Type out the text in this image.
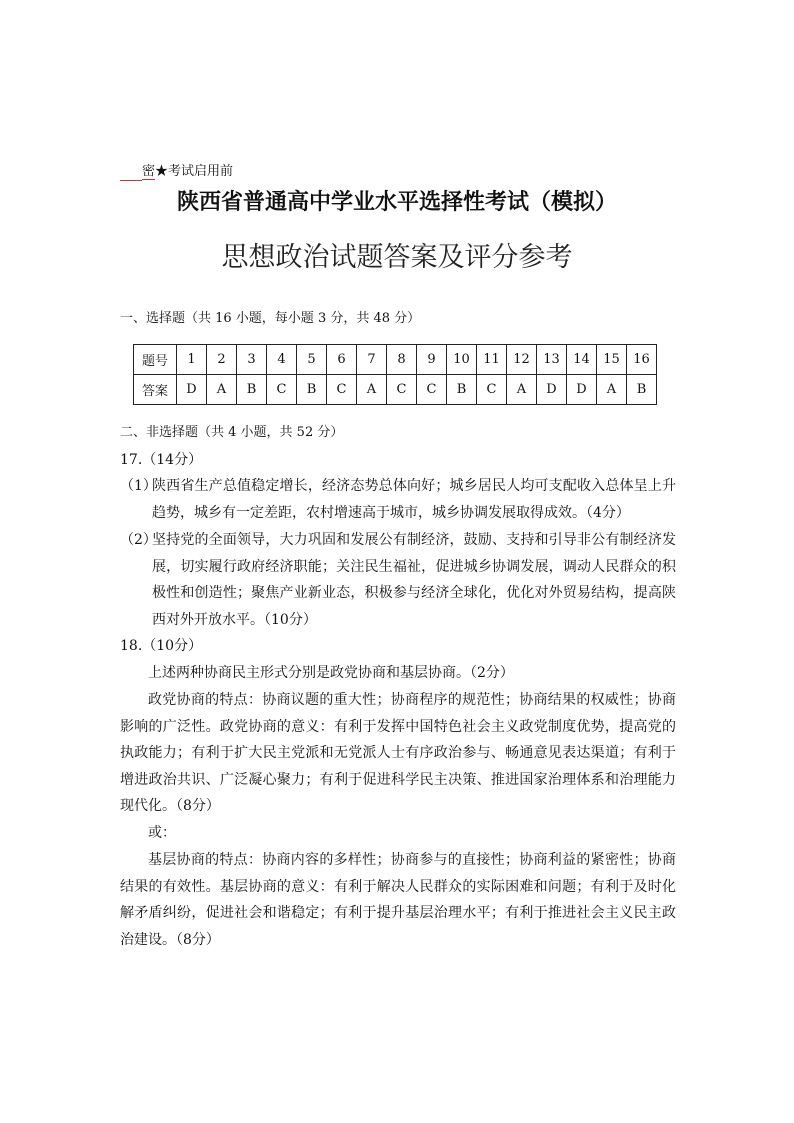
密★考试启用前
陕西省普通高中学业水平选择性考试（模拟）
思想政治试题答案及评分参考
一、选择题（共 16 小题，每小题 3 分，共 48 分）
题号	1	2	3	4	5	6	7	8	9	10	11	12	13	14	15	16
答案	D	A	B	C	B	C	A	C	C	B	C	A	D	D	A	B
二、非选择题（共 4 小题，共 52 分）
17.（14分）
（1）
陕西省生产总值稳定增长，经济态势总体向好；城乡居民人均可支配收入总体呈上升趋势，城乡有一定差距，农村增速高于城市，城乡协调发展取得成效。（4分）
（2）
坚持党的全面领导，大力巩固和发展公有制经济，鼓励、支持和引导非公有制经济发展，切实履行政府经济职能；关注民生福祉，促进城乡协调发展，调动人民群众的积极性和创造性；聚焦产业新业态，积极参与经济全球化，优化对外贸易结构，提高陕西对外开放水平。（10分）
18.（10分）
上述两种协商民主形式分别是政党协商和基层协商。（2分）
政党协商的特点：协商议题的重大性；协商程序的规范性；协商结果的权威性；协商影响的广泛性。政党协商的意义：有利于发挥中国特色社会主义政党制度优势，提高党的执政能力；有利于扩大民主党派和无党派人士有序政治参与、畅通意见表达渠道；有利于增进政治共识、广泛凝心聚力；有利于促进科学民主决策、推进国家治理体系和治理能力现代化。（8分）
或：
基层协商的特点：协商内容的多样性；协商参与的直接性；协商利益的紧密性；协商结果的有效性。基层协商的意义：有利于解决人民群众的实际困难和问题；有利于及时化解矛盾纠纷，促进社会和谐稳定；有利于提升基层治理水平；有利于推进社会主义民主政治建设。（8分）
